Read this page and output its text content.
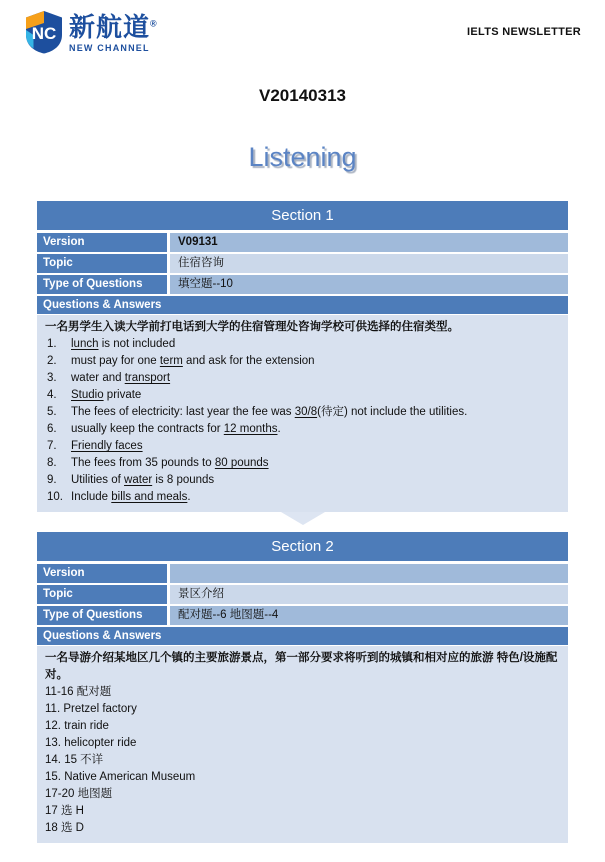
NC 新航道®
NEW CHANNEL
IELTS NEWSLETTER
V20140313
Listening
Section 1
Version	V09131
Topic	住宿咨询
Type of Questions	填空题--10
Questions & Answers
一名男学生入读大学前打电话到大学的住宿管理处咨询学校可供选择的住宿类型。
1.	lunch is not included
2.	must pay for one term and ask for the extension
3.	water and transport
4.	Studio private
5.	The fees of electricity: last year the fee was 30/8(待定) not include the utilities.
6.	usually keep the contracts for 12 months.
7.	Friendly faces
8.	The fees from 35 pounds to 80 pounds
9.	Utilities of water is 8 pounds
10. Include bills and meals.
Section 2
Version
Topic	景区介绍
Type of Questions	配对题--6 地图题--4
Questions & Answers
一名导游介绍某地区几个镇的主要旅游景点，第一部分要求将听到的城镇和相对应的旅游 特色/设施配对。
11-16 配对题
11. Pretzel factory
12. train ride
13. helicopter ride
14. 15 不详
15. Native American Museum
17-20 地图题
17 选 H
18 选 D
